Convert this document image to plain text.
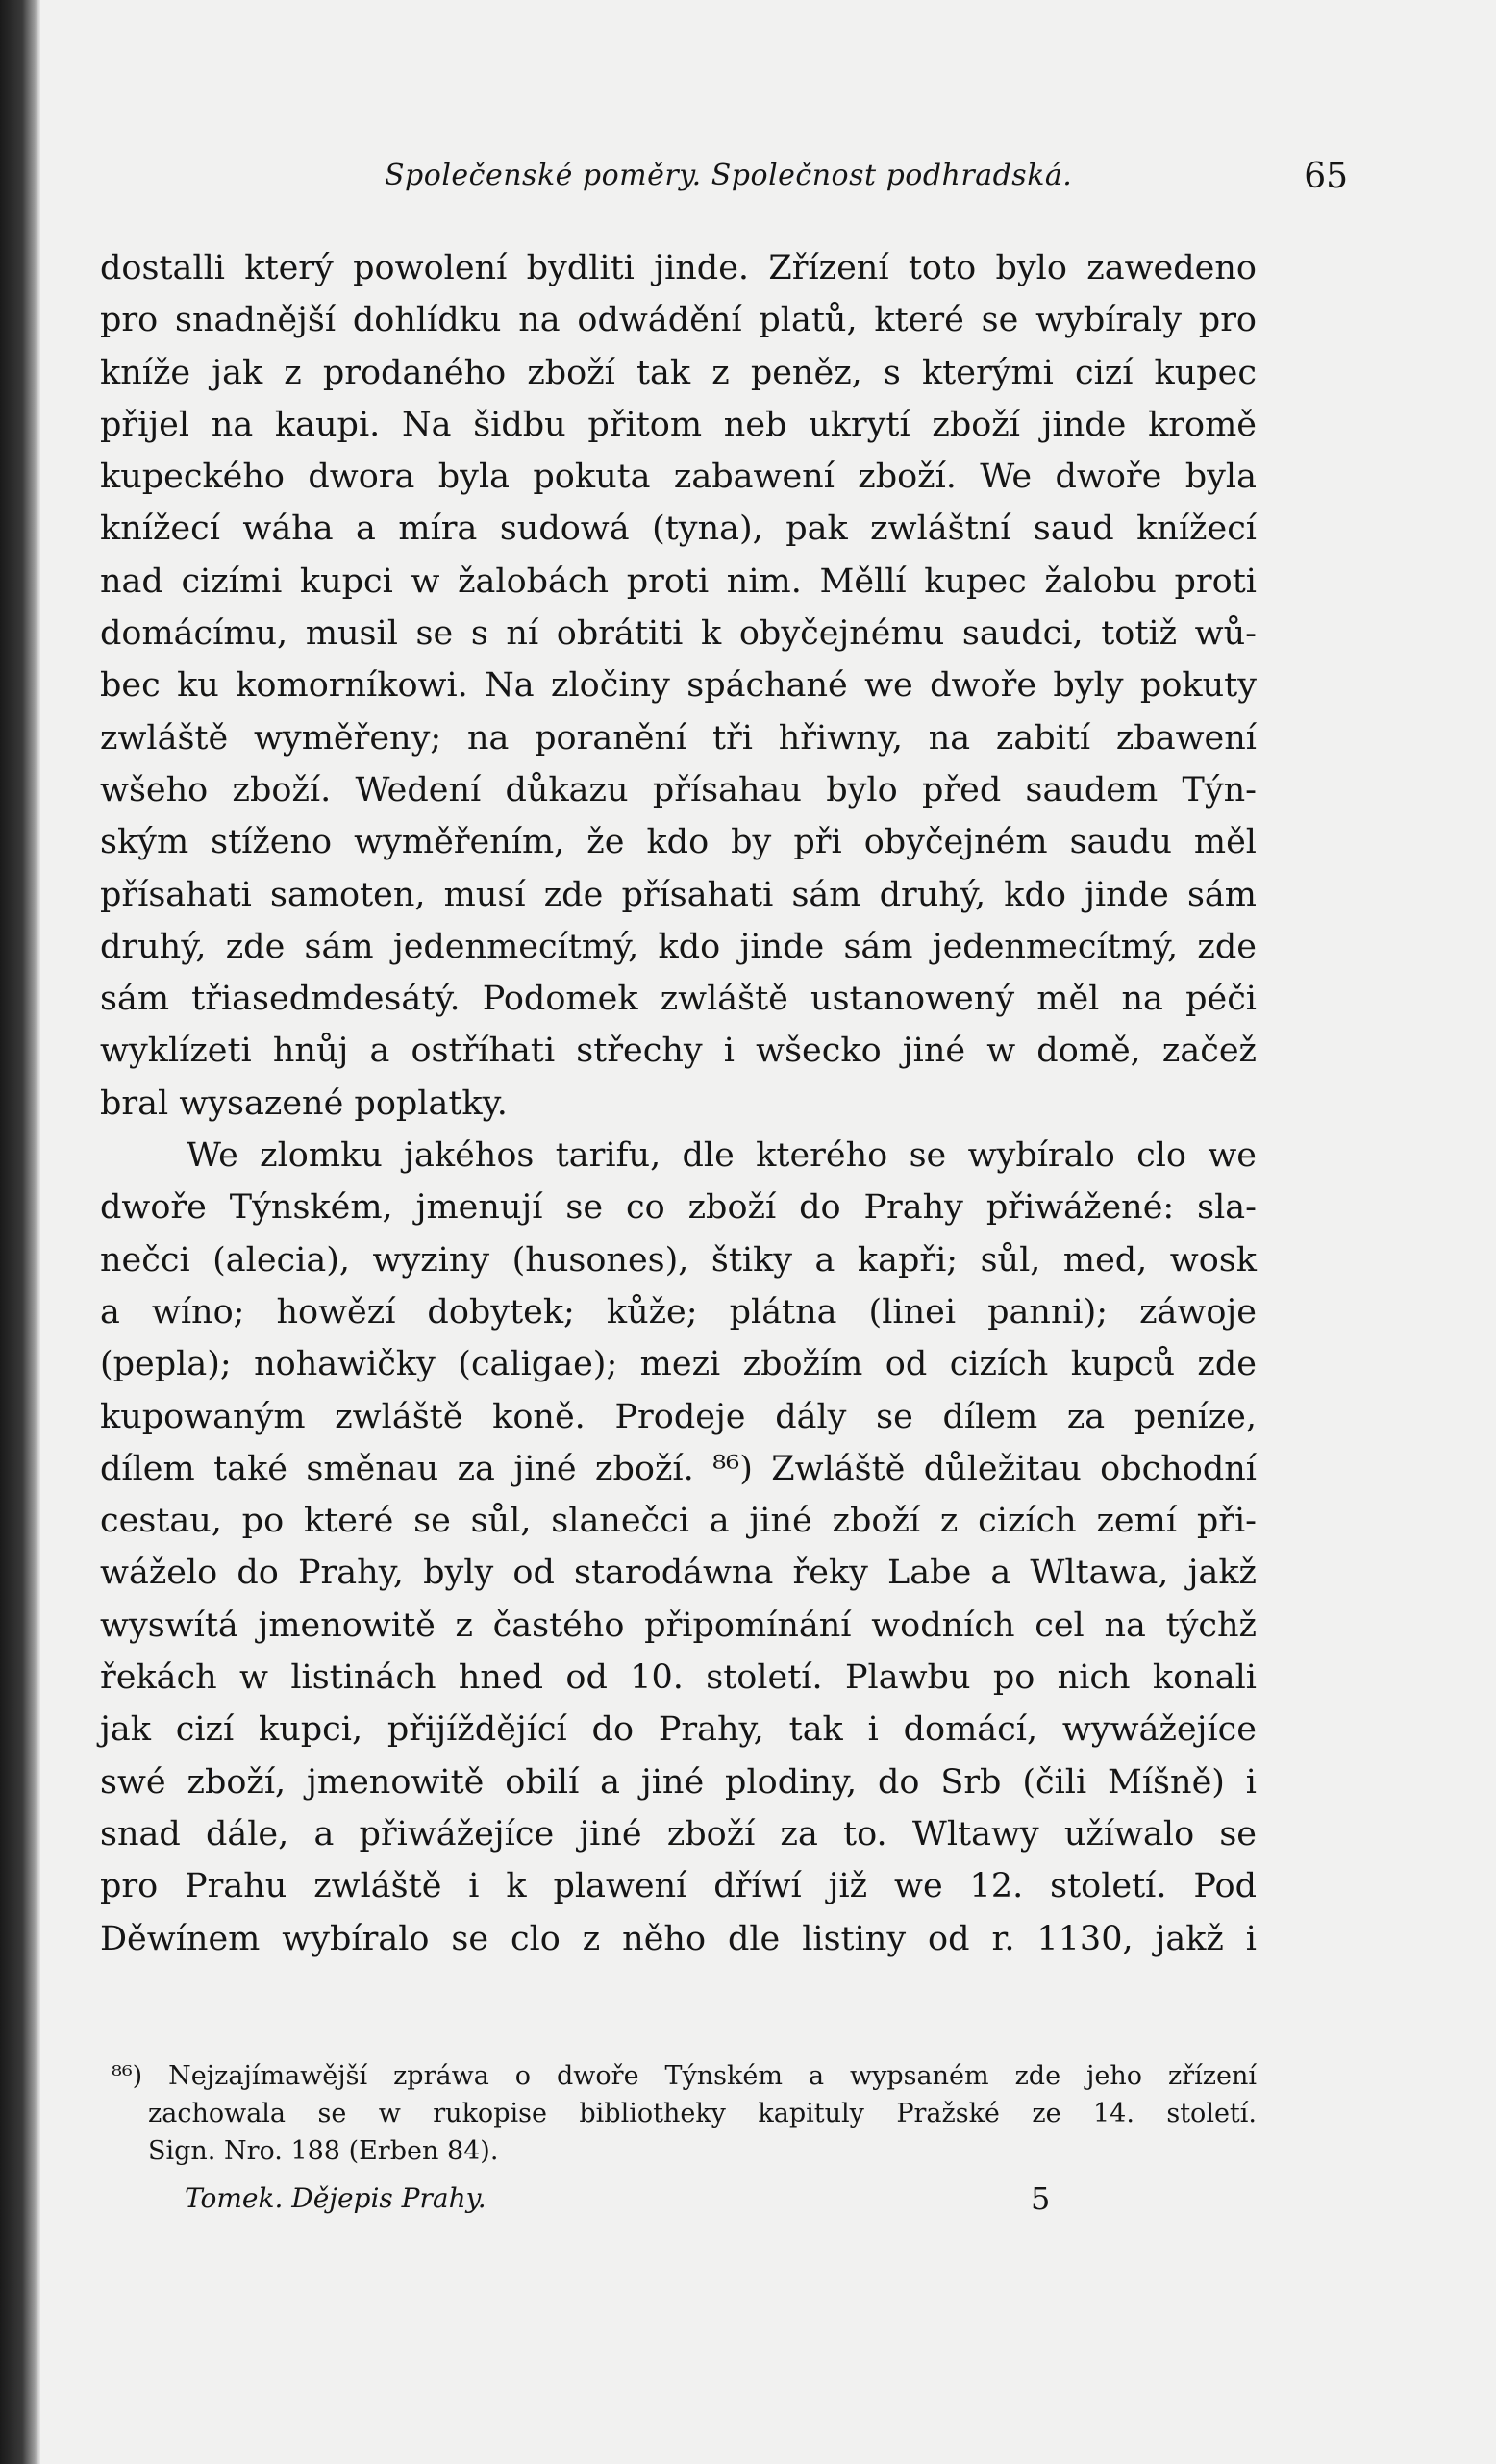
Společenské poměry. Společnost podhradská.	65
dostalli který powolení bydliti jinde. Zřízení toto bylo zawedeno
pro snadnější dohlídku na odwádění platů, které se wybíraly pro
kníže jak z prodaného zboží tak z peněz, s kterými cizí kupec
přijel na kaupi. Na šidbu přitom neb ukrytí zboží jinde kromě
kupeckého dwora byla pokuta zabawení zboží. We dwoře byla
knížecí wáha a míra sudowá (tyna), pak zwláštní saud knížecí
nad cizími kupci w žalobách proti nim. Měllí kupec žalobu proti
domácímu, musil se s ní obrátiti k obyčejnému saudci, totiž wů-
bec ku komorníkowi. Na zločiny spáchané we dwoře byly pokuty
zwláště wyměřeny; na poranění tři hřiwny, na zabití zbawení
wšeho zboží. Wedení důkazu přísahau bylo před saudem Týn-
ským stíženo wyměřením, že kdo by při obyčejném saudu měl
přísahati samoten, musí zde přísahati sám druhý, kdo jinde sám
druhý, zde sám jedenmecítmý, kdo jinde sám jedenmecítmý, zde
sám třiasedmdesátý. Podomek zwláště ustanowený měl na péči
wyklízeti hnůj a ostříhati střechy i wšecko jiné w domě, začež
bral wysazené poplatky.
We zlomku jakéhos tarifu, dle kterého se wybíralo clo we
dwoře Týnském, jmenují se co zboží do Prahy přiwážené: sla-
nečci (alecia), wyziny (husones), štiky a kapři; sůl, med, wosk
a wíno; howězí dobytek; kůže; plátna (linei panni); záwoje
(pepla); nohawičky (caligae); mezi zbožím od cizích kupců zde
kupowaným zwláště koně. Prodeje dály se dílem za peníze,
dílem také směnau za jiné zboží. ⁸⁶) Zwláště důležitau obchodní
cestau, po které se sůl, slanečci a jiné zboží z cizích zemí při-
wáželo do Prahy, byly od starodáwna řeky Labe a Wltawa, jakž
wyswítá jmenowitě z častého připomínání wodních cel na týchž
řekách w listinách hned od 10. století. Plawbu po nich konali
jak cizí kupci, přijíždějící do Prahy, tak i domácí, wywážejíce
swé zboží, jmenowitě obilí a jiné plodiny, do Srb (čili Míšně) i
snad dále, a přiwážejíce jiné zboží za to. Wltawy užíwalo se
pro Prahu zwláště i k plawení dříwí již we 12. století. Pod
Děwínem wybíralo se clo z něho dle listiny od r. 1130, jakž i
⁸⁶) Nejzajímawější zpráwa o dwoře Týnském a wypsaném zde jeho zřízení
zachowala se w rukopise bibliotheky kapituly Pražské ze 14. století.
Sign. Nro. 188 (Erben 84).
Tomek. Dějepis Prahy.	5
